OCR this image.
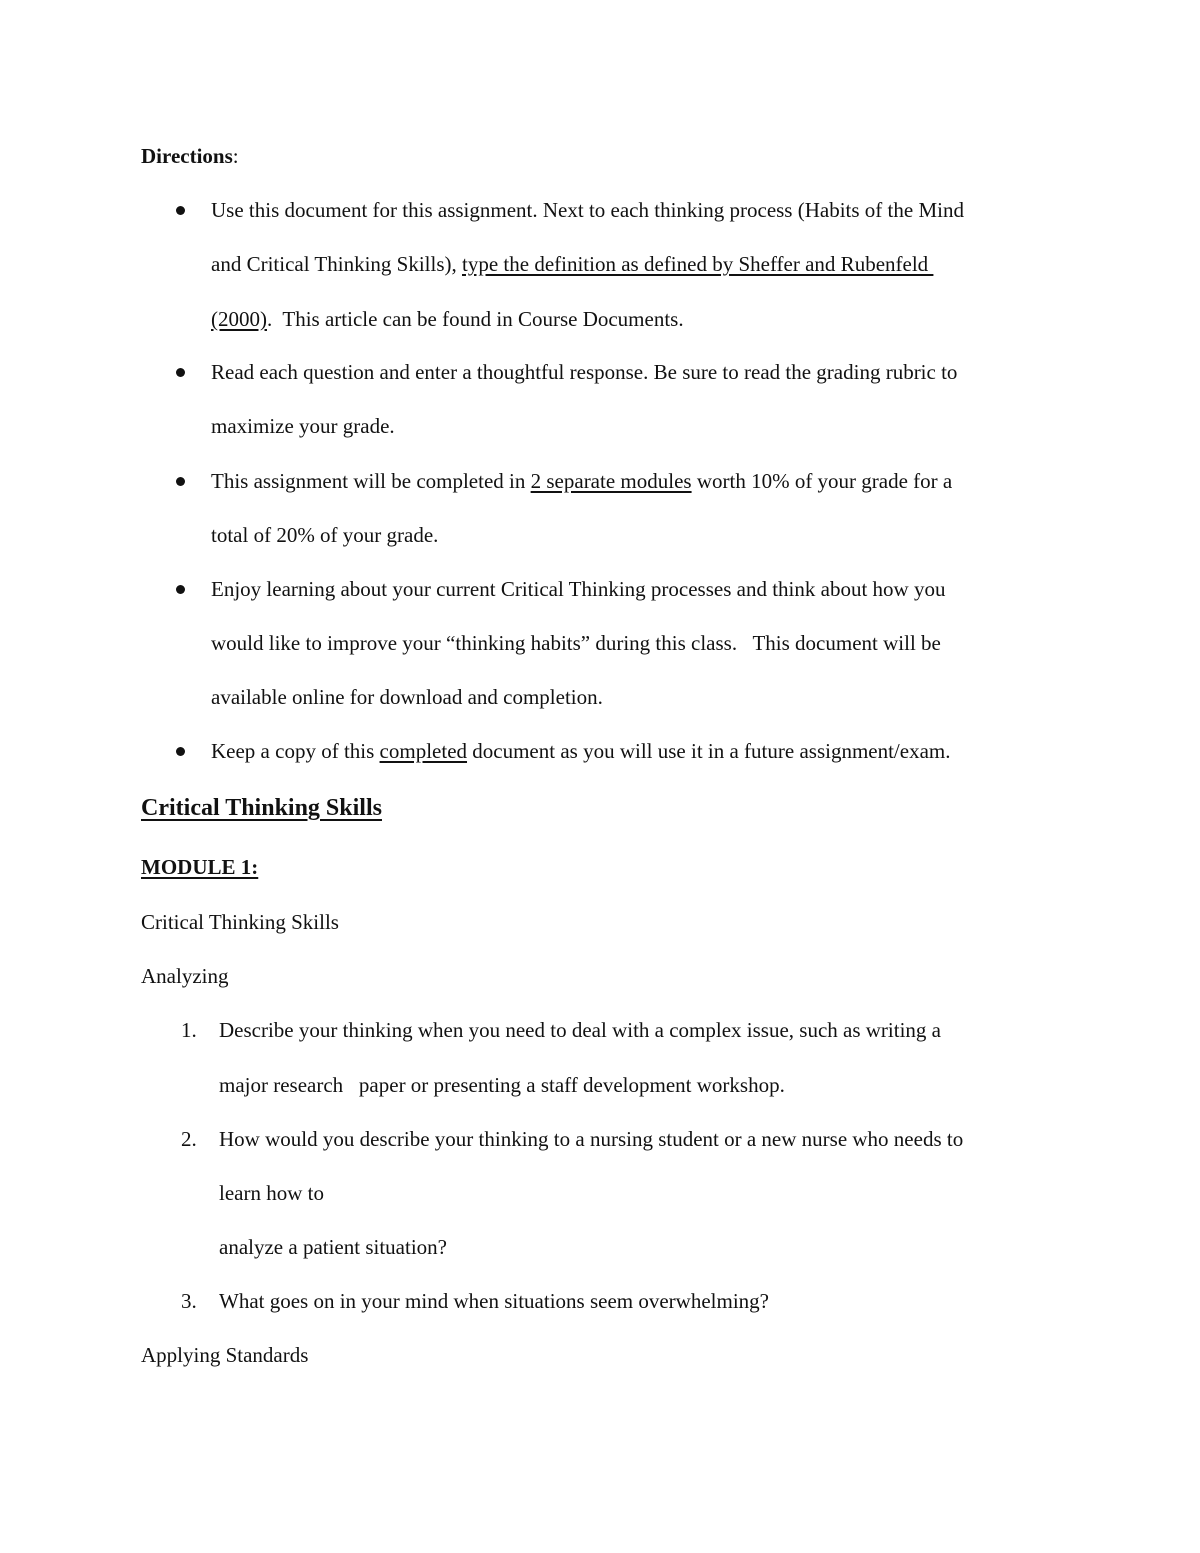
Directions:
Use this document for this assignment. Next to each thinking process (Habits of the Mind
and Critical Thinking Skills), type the definition as defined by Sheffer and Rubenfeld
(2000).  This article can be found in Course Documents.
Read each question and enter a thoughtful response. Be sure to read the grading rubric to
maximize your grade.
This assignment will be completed in 2 separate modules worth 10% of your grade for a
total of 20% of your grade.
Enjoy learning about your current Critical Thinking processes and think about how you
would like to improve your “thinking habits” during this class.   This document will be
available online for download and completion.
Keep a copy of this completed document as you will use it in a future assignment/exam.
Critical Thinking Skills
MODULE 1:
Critical Thinking Skills
Analyzing
1. Describe your thinking when you need to deal with a complex issue, such as writing a
major research   paper or presenting a staff development workshop.
2. How would you describe your thinking to a nursing student or a new nurse who needs to
learn how to
analyze a patient situation?
3. What goes on in your mind when situations seem overwhelming?
Applying Standards
